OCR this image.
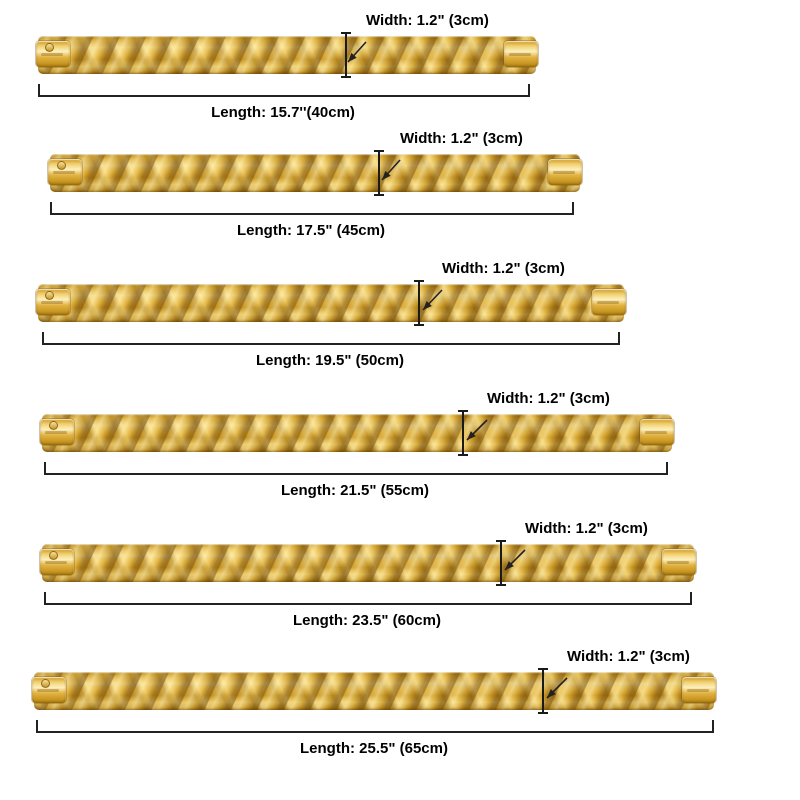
Width: 1.2" (3cm)
Length: 15.7''(40cm)
Width: 1.2" (3cm)
Length: 17.5" (45cm)
Width: 1.2" (3cm)
Length: 19.5" (50cm)
Width: 1.2" (3cm)
Length: 21.5" (55cm)
Width: 1.2" (3cm)
Length: 23.5" (60cm)
Width: 1.2" (3cm)
Length: 25.5" (65cm)
